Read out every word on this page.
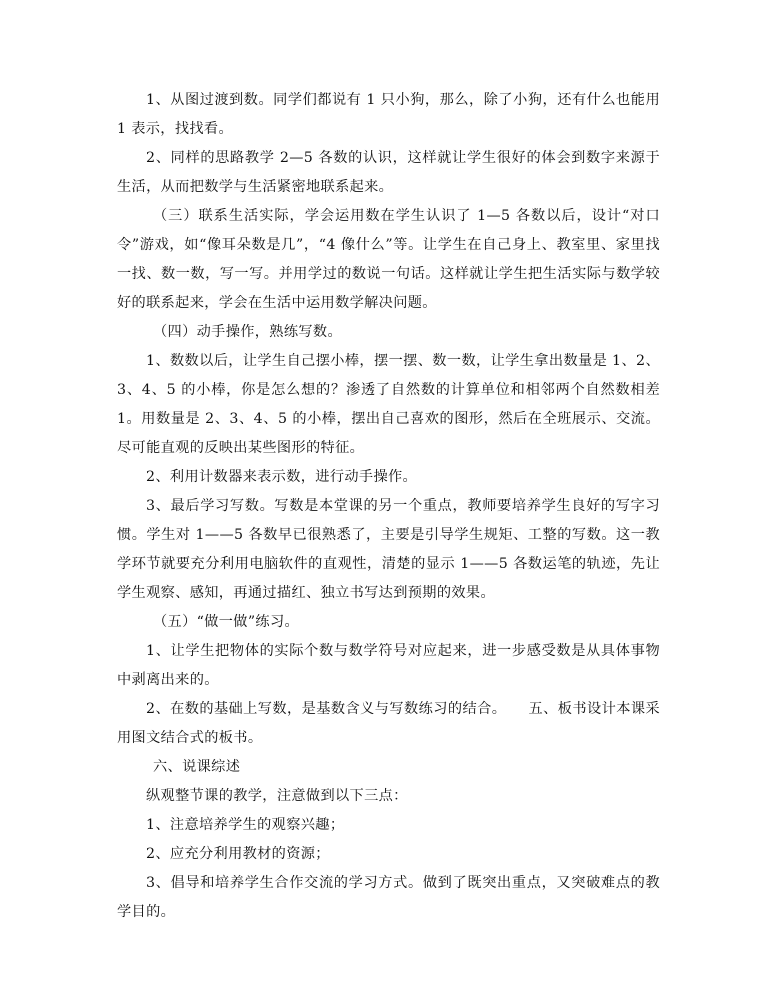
1、从图过渡到数。同学们都说有 1 只小狗，那么，除了小狗，还有什么也能用 1 表示，找找看。

2、同样的思路教学 2—5 各数的认识，这样就让学生很好的体会到数字来源于生活，从而把数学与生活紧密地联系起来。

（三）联系生活实际，学会运用数在学生认识了 1—5 各数以后，设计“对口令”游戏，如“像耳朵数是几”，“4 像什么”等。让学生在自己身上、教室里、家里找一找、数一数，写一写。并用学过的数说一句话。这样就让学生把生活实际与数学较好的联系起来，学会在生活中运用数学解决问题。

（四）动手操作，熟练写数。

1、数数以后，让学生自己摆小棒，摆一摆、数一数，让学生拿出数量是 1、2、3、4、5 的小棒，你是怎么想的？渗透了自然数的计算单位和相邻两个自然数相差 1。用数量是 2、3、4、5 的小棒，摆出自己喜欢的图形，然后在全班展示、交流。尽可能直观的反映出某些图形的特征。

2、利用计数器来表示数，进行动手操作。

3、最后学习写数。写数是本堂课的另一个重点，教师要培养学生良好的写字习惯。学生对 1——5 各数早已很熟悉了，主要是引导学生规矩、工整的写数。这一教学环节就要充分利用电脑软件的直观性，清楚的显示 1——5 各数运笔的轨迹，先让学生观察、感知，再通过描红、独立书写达到预期的效果。

（五）“做一做”练习。

1、让学生把物体的实际个数与数学符号对应起来，进一步感受数是从具体事物中剥离出来的。

2、在数的基础上写数，是基数含义与写数练习的结合。　　五、板书设计本课采用图文结合式的板书。

六、说课综述

纵观整节课的教学，注意做到以下三点：

1、注意培养学生的观察兴趣；

2、应充分利用教材的资源；

3、倡导和培养学生合作交流的学习方式。做到了既突出重点，又突破难点的教学目的。
